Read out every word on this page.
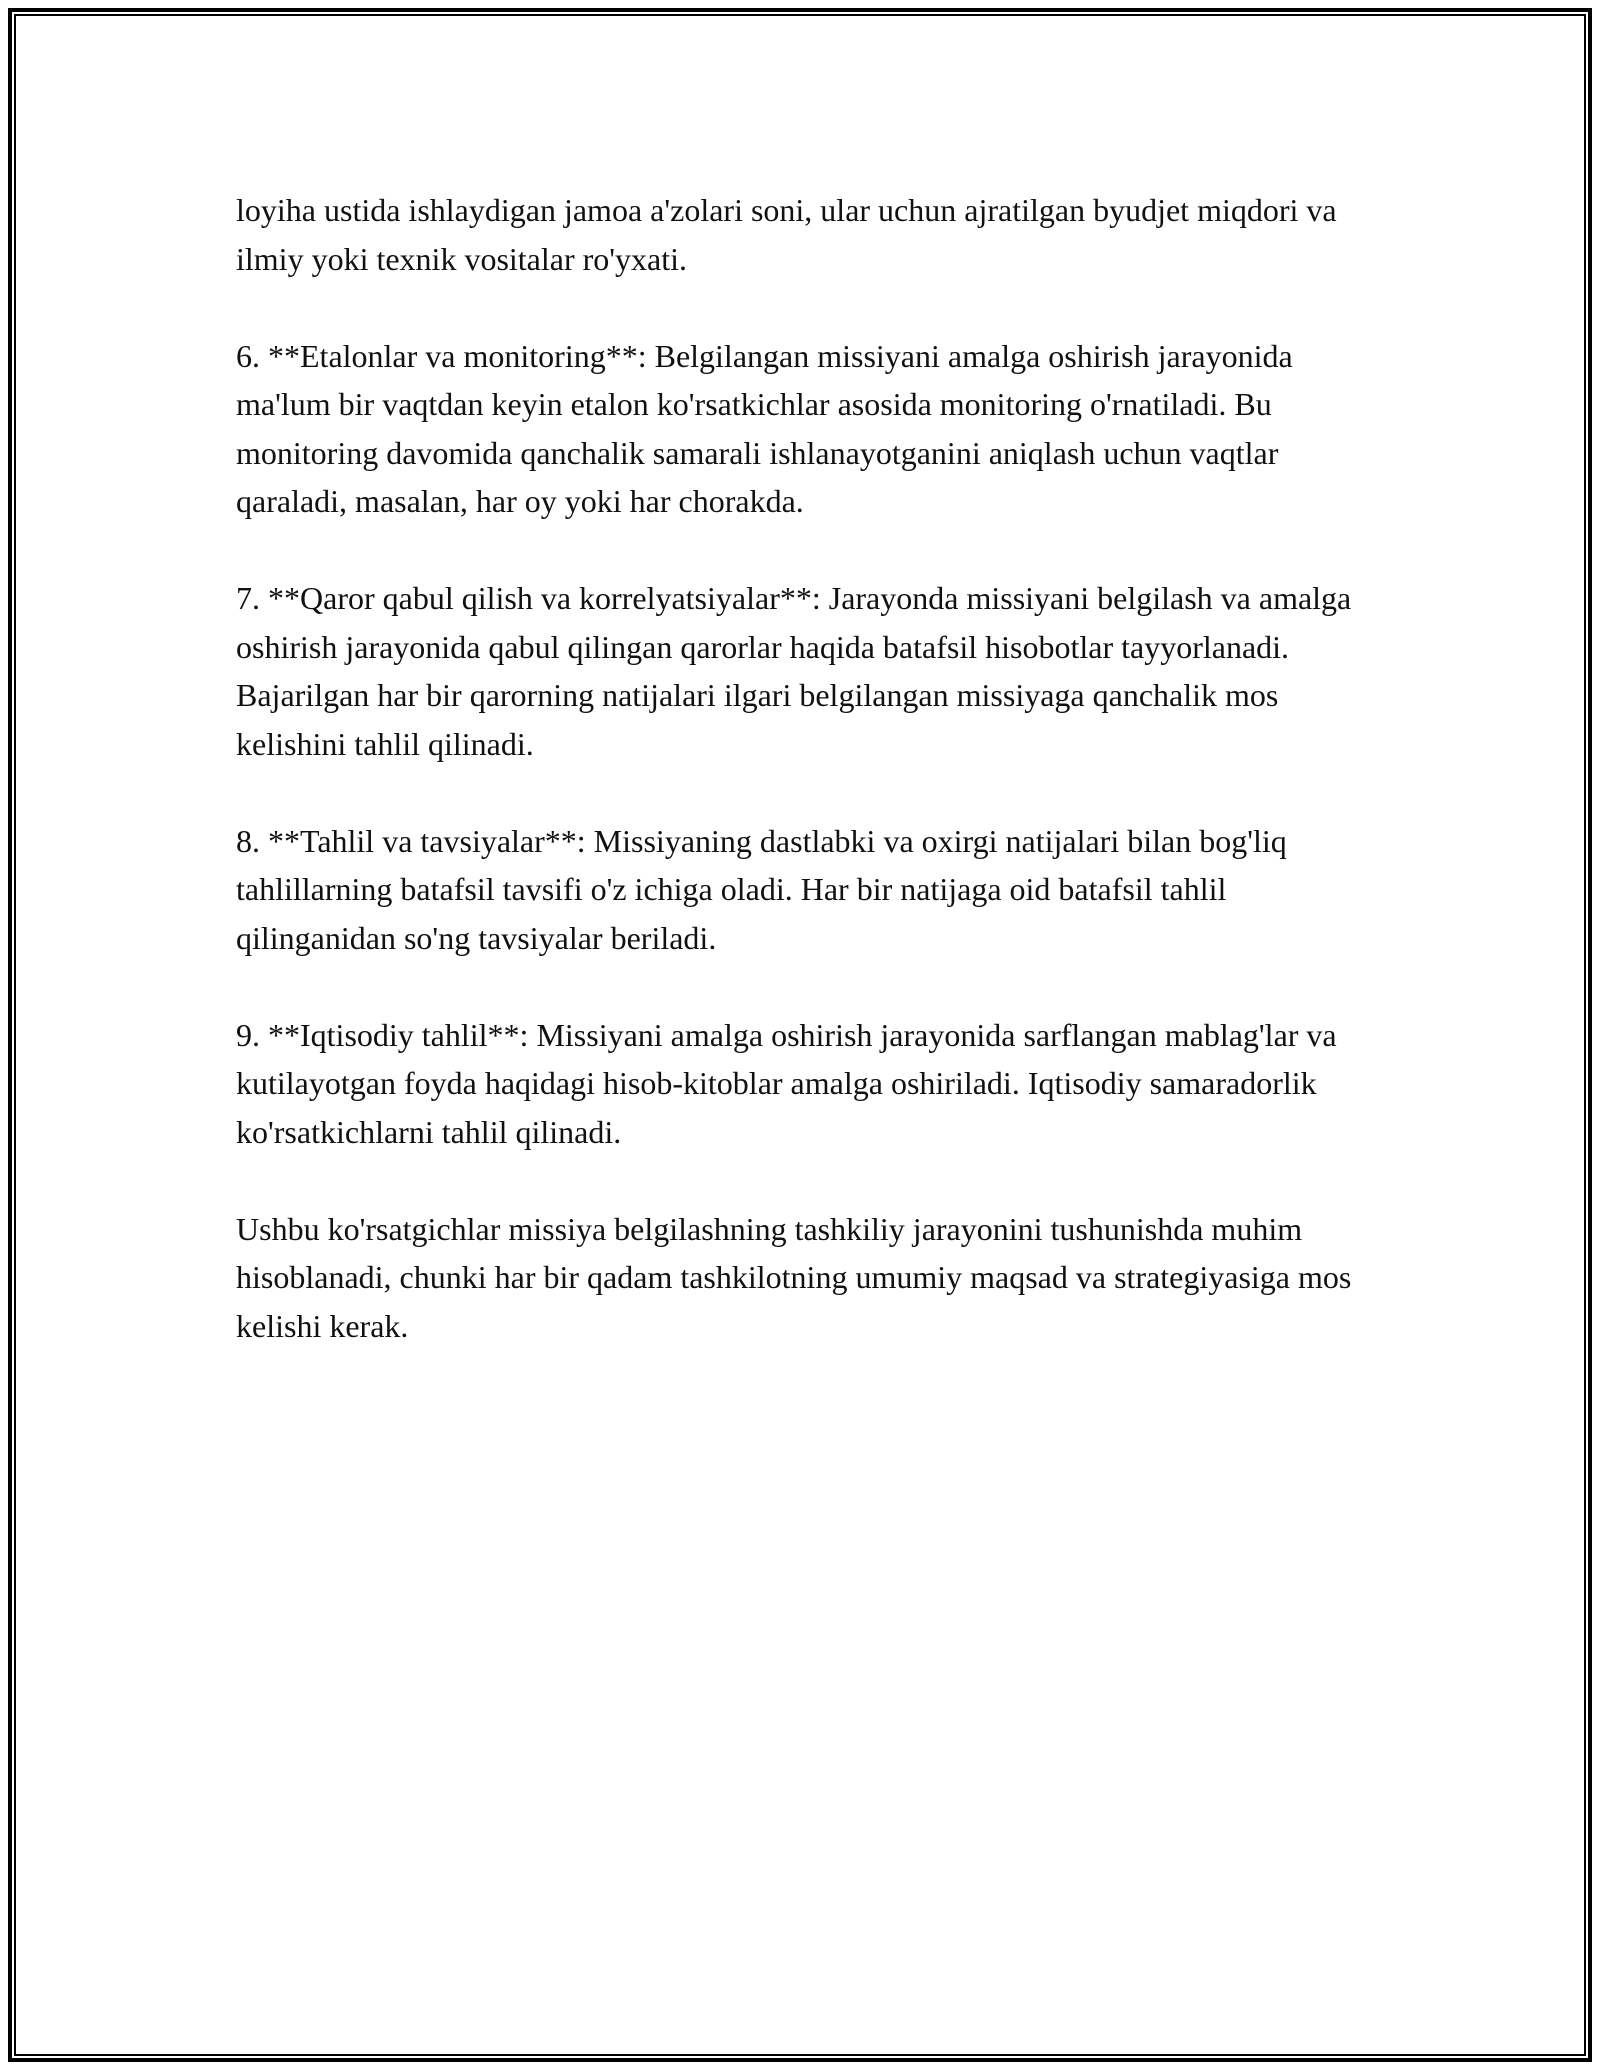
loyiha ustida ishlaydigan jamoa a'zolari soni, ular uchun ajratilgan byudjet miqdori va ilmiy yoki texnik vositalar ro'yxati.

6. **Etalonlar va monitoring**: Belgilangan missiyani amalga oshirish jarayonida ma'lum bir vaqtdan keyin etalon ko'rsatkichlar asosida monitoring o'rnatiladi. Bu monitoring davomida qanchalik samarali ishlanayotganini aniqlash uchun vaqtlar qaraladi, masalan, har oy yoki har chorakda.

7. **Qaror qabul qilish va korrelyatsiyalar**: Jarayonda missiyani belgilash va amalga oshirish jarayonida qabul qilingan qarorlar haqida batafsil hisobotlar tayyorlanadi. Bajarilgan har bir qarorning natijalari ilgari belgilangan missiyaga qanchalik mos kelishini tahlil qilinadi.

8. **Tahlil va tavsiyalar**: Missiyaning dastlabki va oxirgi natijalari bilan bog'liq tahlillarning batafsil tavsifi o'z ichiga oladi. Har bir natijaga oid batafsil tahlil qilinganidan so'ng tavsiyalar beriladi.

9. **Iqtisodiy tahlil**: Missiyani amalga oshirish jarayonida sarflangan mablag'lar va kutilayotgan foyda haqidagi hisob-kitoblar amalga oshiriladi. Iqtisodiy samaradorlik ko'rsatkichlarni tahlil qilinadi.

Ushbu ko'rsatgichlar missiya belgilashning tashkiliy jarayonini tushunishda muhim hisoblanadi, chunki har bir qadam tashkilotning umumiy maqsad va strategiyasiga mos kelishi kerak.
